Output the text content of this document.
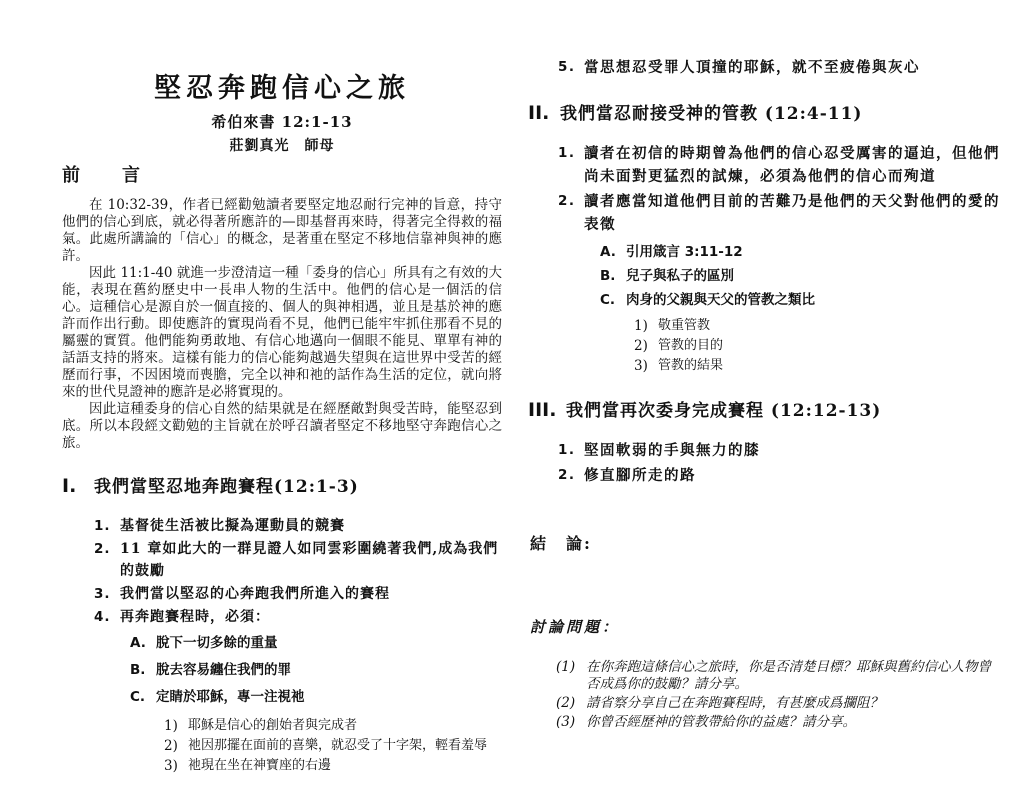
堅忍奔跑信心之旅
希伯來書 12:1-13
莊劉真光　師母
前　言

在 10:32-39，作者已經勸勉讀者要堅定地忍耐行完神的旨意，持守他們的信心到底，就必得著所應許的—即基督再來時，得著完全得救的福氣。此處所講論的「信心」的概念，是著重在堅定不移地信靠神與神的應許。

因此 11:1-40 就進一步澄清這一種「委身的信心」所具有之有效的大能，表現在舊約歷史中一長串人物的生活中。他們的信心是一個活的信心。這種信心是源自於一個直接的、個人的與神相遇，並且是基於神的應許而作出行動。即使應許的實現尚看不見，他們已能牢牢抓住那看不見的屬靈的實質。他們能夠勇敢地、有信心地邁向一個眼不能見、單單有神的話語支持的將來。這樣有能力的信心能夠越過失望與在這世界中受苦的經歷而行事，不因困境而喪膽，完全以神和祂的話作為生活的定位，就向將來的世代見證神的應許是必將實現的。

因此這種委身的信心自然的結果就是在經歷敵對與受苦時，能堅忍到底。所以本段經文勸勉的主旨就在於呼召讀者堅定不移地堅守奔跑信心之旅。

I.	我們當堅忍地奔跑賽程(12:1-3)
1. 基督徒生活被比擬為運動員的競賽
2. 11 章如此大的一群見證人如同雲彩圍繞著我們,成為我們的鼓勵
3. 我們當以堅忍的心奔跑我們所進入的賽程
4. 再奔跑賽程時，必須：
A. 脫下一切多餘的重量
B. 脫去容易纏住我們的罪
C. 定睛於耶穌，專一注視祂
1) 耶穌是信心的創始者與完成者
2) 祂因那擺在面前的喜樂，就忍受了十字架，輕看羞辱
3) 祂現在坐在神寶座的右邊
5. 當思想忍受罪人頂撞的耶穌，就不至疲倦與灰心
II. 我們當忍耐接受神的管教 (12:4-11)
1. 讀者在初信的時期曾為他們的信心忍受厲害的逼迫，但他們尚未面對更猛烈的試煉，必須為他們的信心而殉道
2. 讀者應當知道他們目前的苦難乃是他們的天父對他們的愛的表徵
A. 引用箴言 3:11-12
B. 兒子與私子的區別
C. 肉身的父親與天父的管教之類比
1) 敬重管教
2) 管教的目的
3) 管教的結果
III. 我們當再次委身完成賽程 (12:12-13)
1. 堅固軟弱的手與無力的膝
2. 修直腳所走的路
結　論:
討論問題：
(1) 在你奔跑這條信心之旅時，你是否清楚目標？耶穌與舊約信心人物曾否成爲你的鼓勵？請分享。
(2) 請省察分享自己在奔跑賽程時，有甚麼成爲攔阻？
(3) 你曾否經歷神的管教帶給你的益處？請分享。
